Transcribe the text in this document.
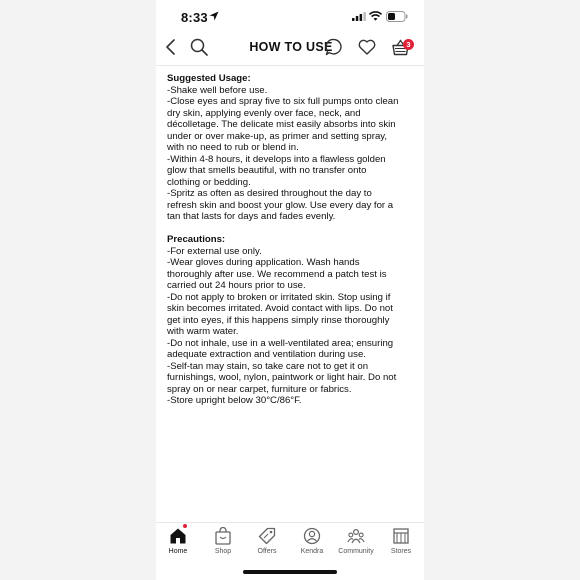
8:33
HOW TO USE	3
Suggested Usage:
-Shake well before use.
-Close eyes and spray five to six full pumps onto clean
dry skin, applying evenly over face, neck, and
décolletage. The delicate mist easily absorbs into skin
under or over make-up, as primer and setting spray,
with no need to rub or blend in.
-Within 4-8 hours, it develops into a flawless golden
glow that smells beautiful, with no transfer onto
clothing or bedding.
-Spritz as often as desired throughout the day to
refresh skin and boost your glow. Use every day for a
tan that lasts for days and fades evenly.
Precautions:
-For external use only.
-Wear gloves during application. Wash hands
thoroughly after use. We recommend a patch test is
carried out 24 hours prior to use.
-Do not apply to broken or irritated skin. Stop using if
skin becomes irritated. Avoid contact with lips. Do not
get into eyes, if this happens simply rinse thoroughly
with warm water.
-Do not inhale, use in a well-ventilated area; ensuring
adequate extraction and ventilation during use.
-Self-tan may stain, so take care not to get it on
furnishings, wool, nylon, paintwork or light hair. Do not
spray on or near carpet, furniture or fabrics.
-Store upright below 30°C/86°F.
Home	Shop	Offers	Kendra	Community	Stores
